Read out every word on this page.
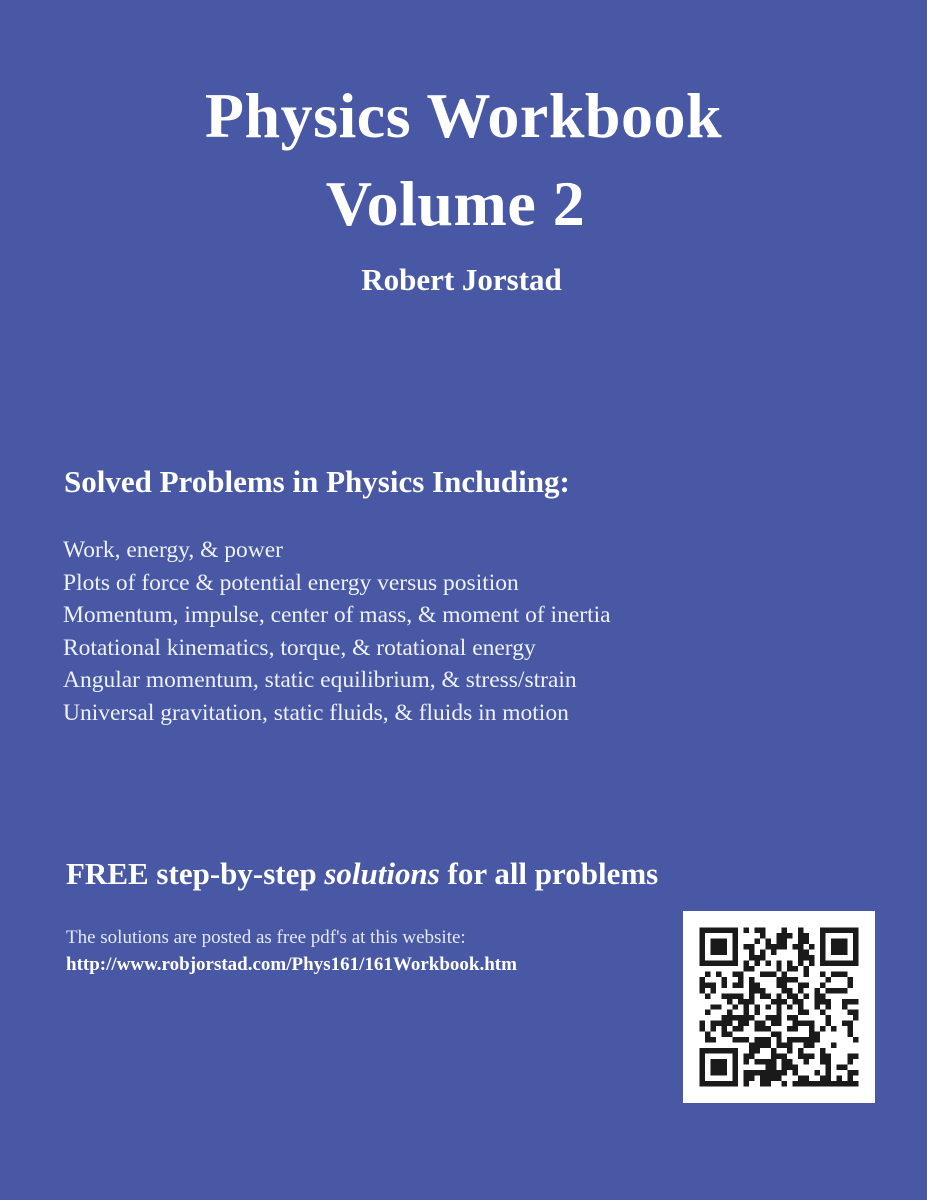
Physics Workbook
Volume 2

Robert Jorstad

Solved Problems in Physics Including:
Work, energy, & power
Plots of force & potential energy versus position
Momentum, impulse, center of mass, & moment of inertia
Rotational kinematics, torque, & rotational energy
Angular momentum, static equilibrium, & stress/strain
Universal gravitation, static fluids, & fluids in motion
FREE step-by-step solutions for all problems

The solutions are posted as free pdf's at this website:

http://www.robjorstad.com/Phys161/161Workbook.htm
